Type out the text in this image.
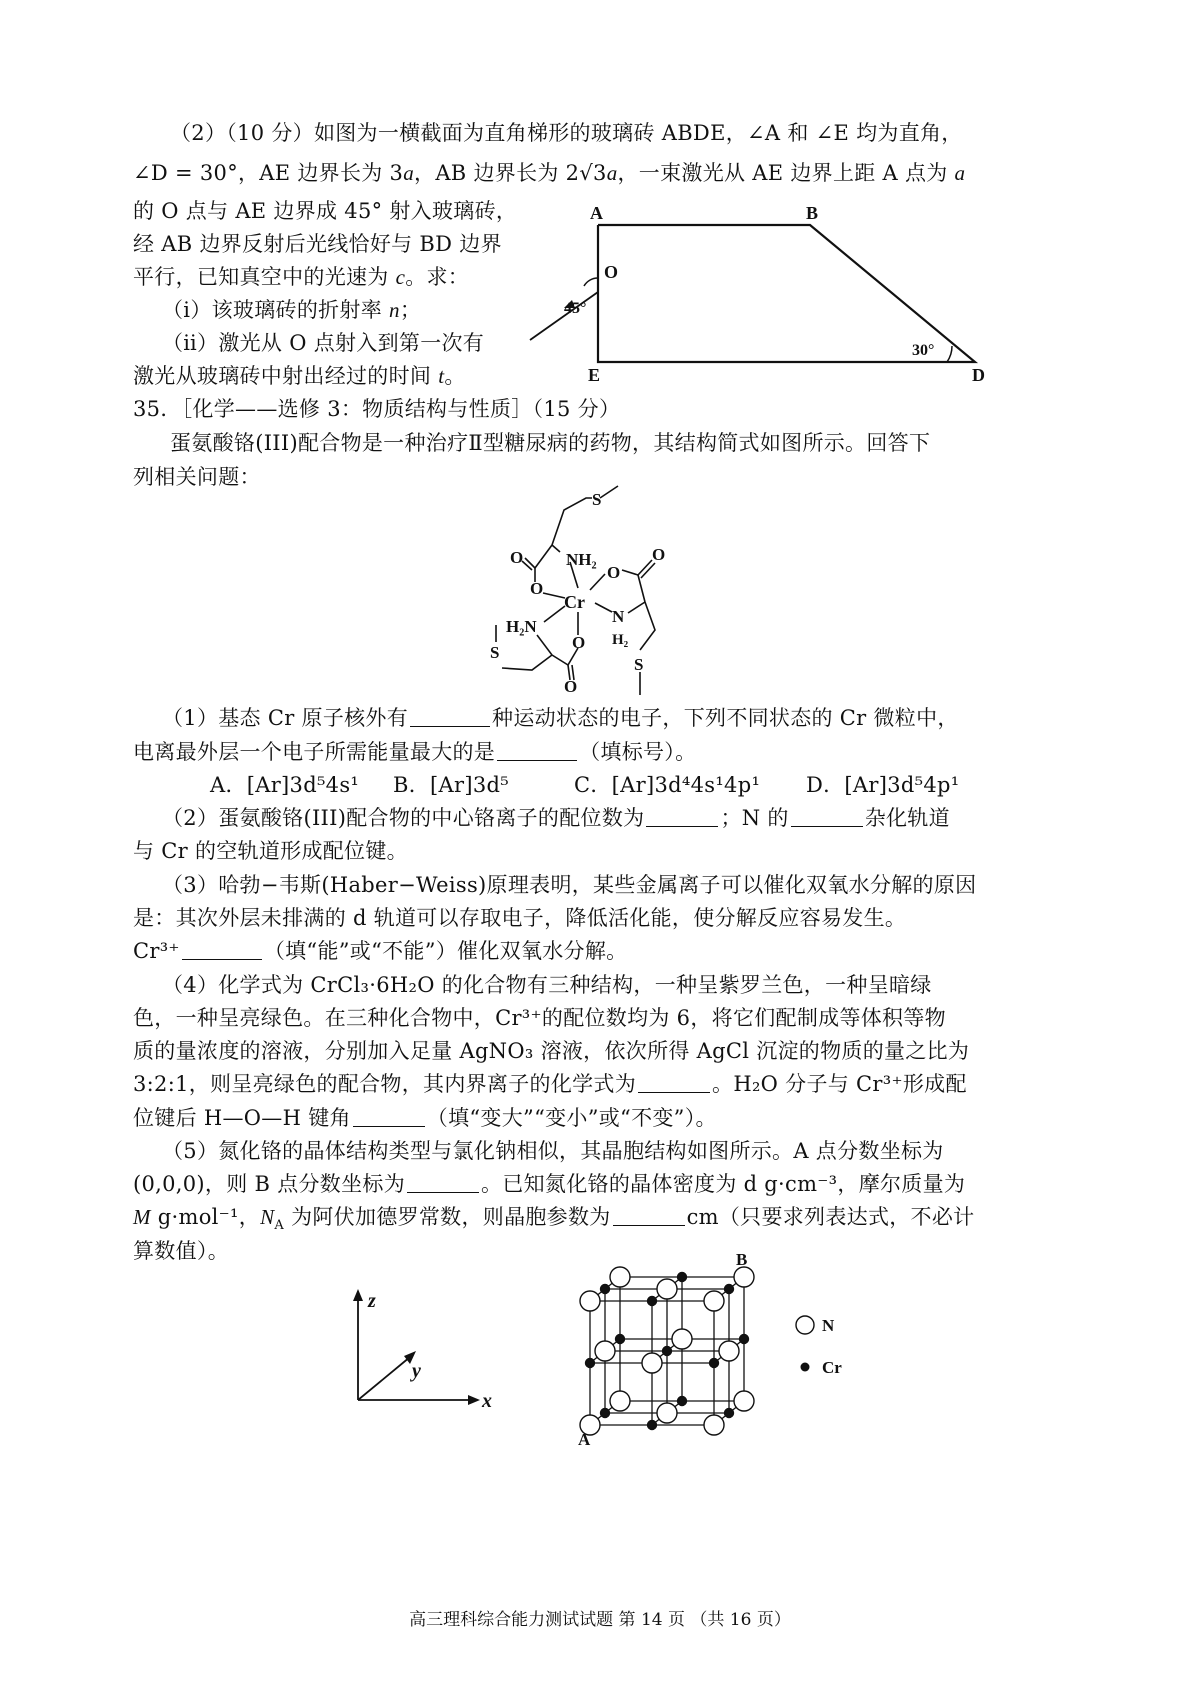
（2）（10 分）如图为一横截面为直角梯形的玻璃砖 ABDE，∠A 和 ∠E 均为直角，
∠D = 30°，AE 边界长为 3a，AB 边界长为 2√3a，一束激光从 AE 边界上距 A 点为 a
的 O 点与 AE 边界成 45° 射入玻璃砖，
经 AB 边界反射后光线恰好与 BD 边界
平行，已知真空中的光速为 c。求：
（ⅰ）该玻璃砖的折射率 n；
（ⅱ）激光从 O 点射入到第一次有
激光从玻璃砖中射出经过的时间 t。
A	B
D
E
O
45°
30°
35．［化学——选修 3：物质结构与性质］（15 分）
蛋氨酸铬(III)配合物是一种治疗Ⅱ型糖尿病的药物，其结构简式如图所示。回答下
列相关问题：
O
O	NH₂
Cr
O
O
N
H₂
H₂N
O
O
S
S
S
（1）基态 Cr 原子核外有	种运动状态的电子，下列不同状态的 Cr 微粒中，
电离最外层一个电子所需能量最大的是	（填标号）。
A．[Ar]3d⁵4s¹ B．[Ar]3d⁵	C．[Ar]3d⁴4s¹4p¹ D．[Ar]3d⁵4p¹
（2）蛋氨酸铬(III)配合物的中心铬离子的配位数为	；N 的	杂化轨道
与 Cr 的空轨道形成配位键。
（3）哈勃−韦斯(Haber−Weiss)原理表明，某些金属离子可以催化双氧水分解的原因
是：其次外层未排满的 d 轨道可以存取电子，降低活化能，使分解反应容易发生。
Cr³⁺	（填“能”或“不能”）催化双氧水分解。
（4）化学式为 CrCl₃·6H₂O 的化合物有三种结构，一种呈紫罗兰色，一种呈暗绿
色，一种呈亮绿色。在三种化合物中，Cr³⁺的配位数均为 6，将它们配制成等体积等物
质的量浓度的溶液，分别加入足量 AgNO₃ 溶液，依次所得 AgCl 沉淀的物质的量之比为
3:2:1，则呈亮绿色的配合物，其内界离子的化学式为	。H₂O 分子与 Cr³⁺形成配
位键后 H—O—H 键角	（填“变大”“变小”或“不变”）。
（5）氮化铬的晶体结构类型与氯化钠相似，其晶胞结构如图所示。A 点分数坐标为
(0,0,0)，则 B 点分数坐标为	。已知氮化铬的晶体密度为 d g·cm⁻³，摩尔质量为
M g·mol⁻¹，$N_A$ 为阿伏加德罗常数，则晶胞参数为	cm（只要求列表达式，不必计
算数值）。
z
x
y
A
B
N
Cr
高三理科综合能力测试试题 第 14 页 （共 16 页）
